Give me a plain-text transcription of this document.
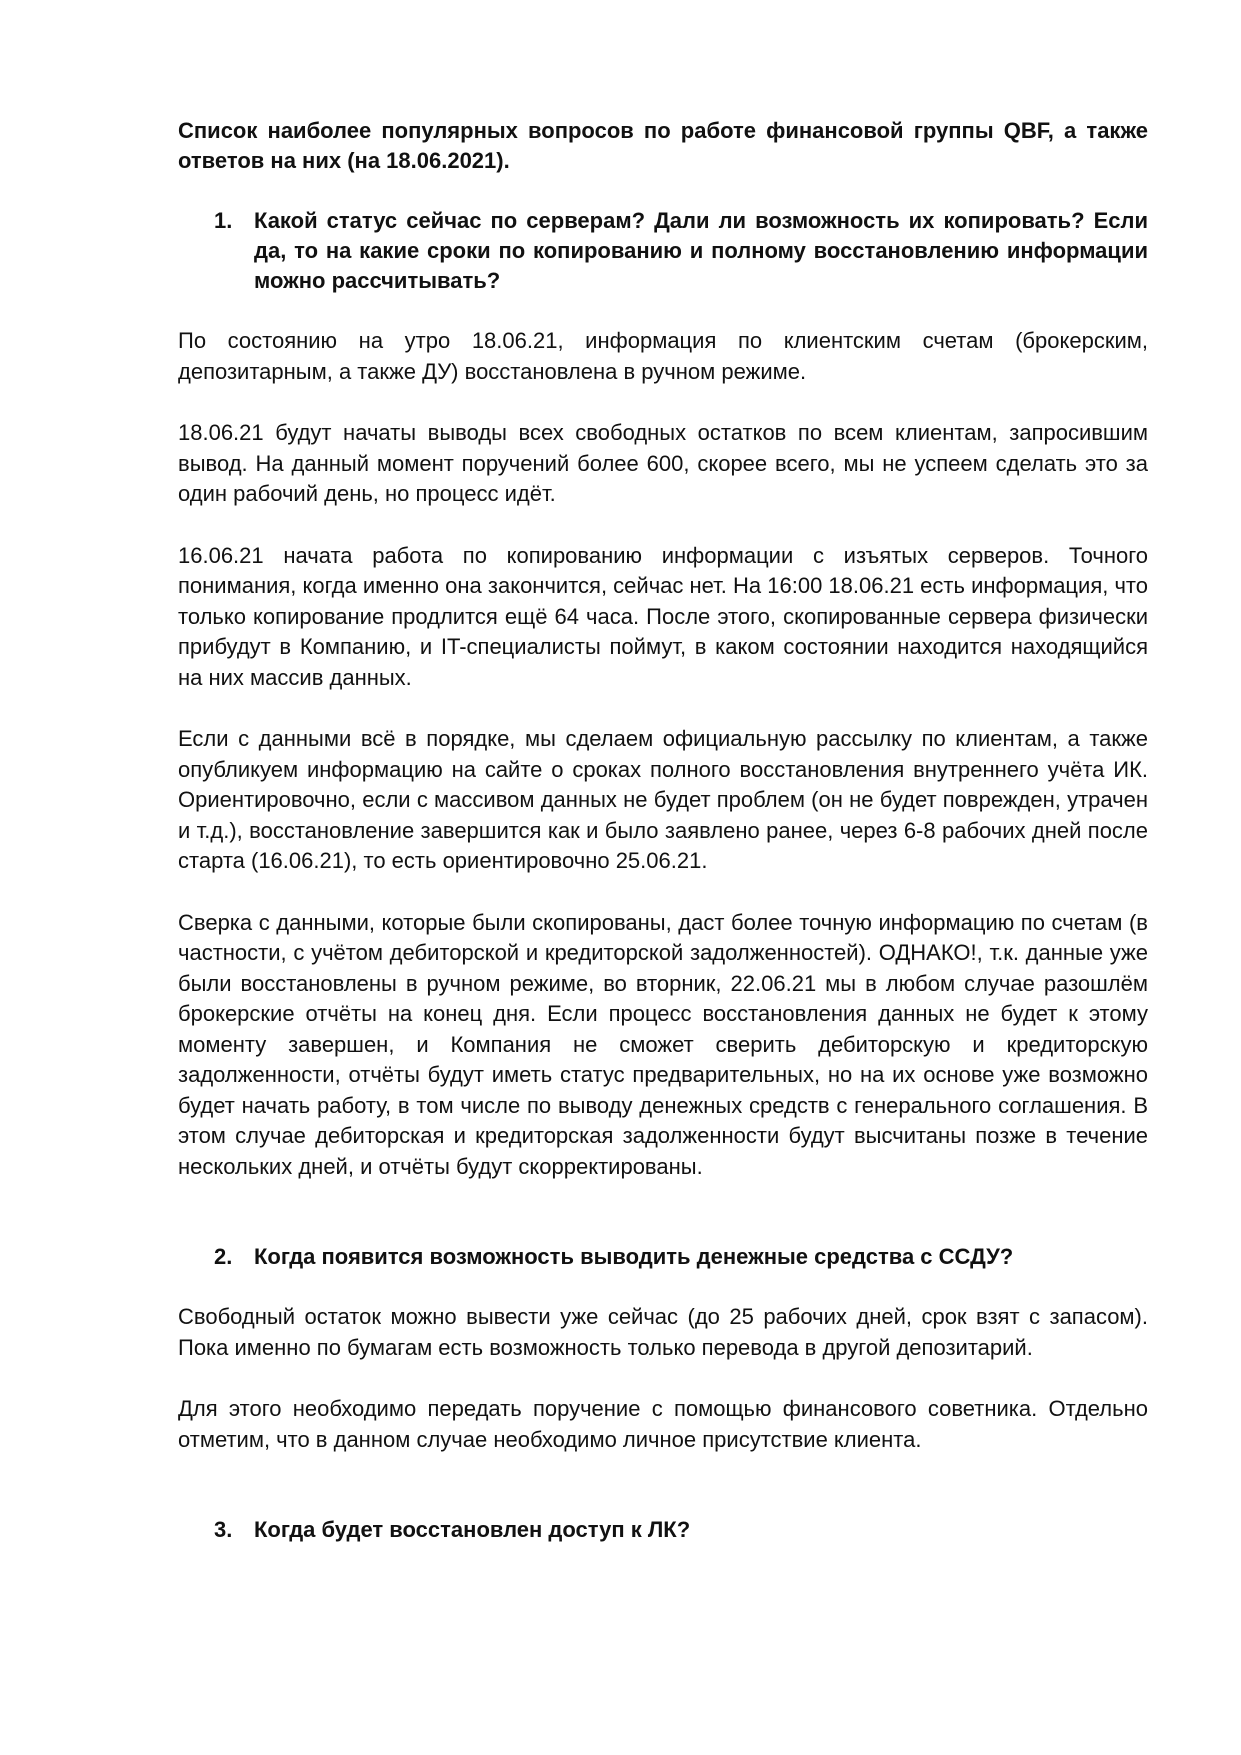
Список наиболее популярных вопросов по работе финансовой группы QBF, а также ответов на них (на 18.06.2021).

1. Какой статус сейчас по серверам? Дали ли возможность их копировать? Если да, то на какие сроки по копированию и полному восстановлению информации можно рассчитывать?

По состоянию на утро 18.06.21, информация по клиентским счетам (брокерским, депозитарным, а также ДУ) восстановлена в ручном режиме.

18.06.21 будут начаты выводы всех свободных остатков по всем клиентам, запросившим вывод. На данный момент поручений более 600, скорее всего, мы не успеем сделать это за один рабочий день, но процесс идёт.

16.06.21 начата работа по копированию информации с изъятых серверов. Точного понимания, когда именно она закончится, сейчас нет. На 16:00 18.06.21 есть информация, что только копирование продлится ещё 64 часа. После этого, скопированные сервера физически прибудут в Компанию, и IT-специалисты поймут, в каком состоянии находится находящийся на них массив данных.

Если с данными всё в порядке, мы сделаем официальную рассылку по клиентам, а также опубликуем информацию на сайте о сроках полного восстановления внутреннего учёта ИК. Ориентировочно, если с массивом данных не будет проблем (он не будет поврежден, утрачен и т.д.), восстановление завершится как и было заявлено ранее, через 6-8 рабочих дней после старта (16.06.21), то есть ориентировочно 25.06.21.

Сверка с данными, которые были скопированы, даст более точную информацию по счетам (в частности, с учётом дебиторской и кредиторской задолженностей). ОДНАКО!, т.к. данные уже были восстановлены в ручном режиме, во вторник, 22.06.21 мы в любом случае разошлём брокерские отчёты на конец дня. Если процесс восстановления данных не будет к этому моменту завершен, и Компания не сможет сверить дебиторскую и кредиторскую задолженности, отчёты будут иметь статус предварительных, но на их основе уже возможно будет начать работу, в том числе по выводу денежных средств с генерального соглашения. В этом случае дебиторская и кредиторская задолженности будут высчитаны позже в течение нескольких дней, и отчёты будут скорректированы.

2. Когда появится возможность выводить денежные средства с ССДУ?

Свободный остаток можно вывести уже сейчас (до 25 рабочих дней, срок взят с запасом). Пока именно по бумагам есть возможность только перевода в другой депозитарий.

Для этого необходимо передать поручение с помощью финансового советника. Отдельно отметим, что в данном случае необходимо личное присутствие клиента.

3. Когда будет восстановлен доступ к ЛК?
